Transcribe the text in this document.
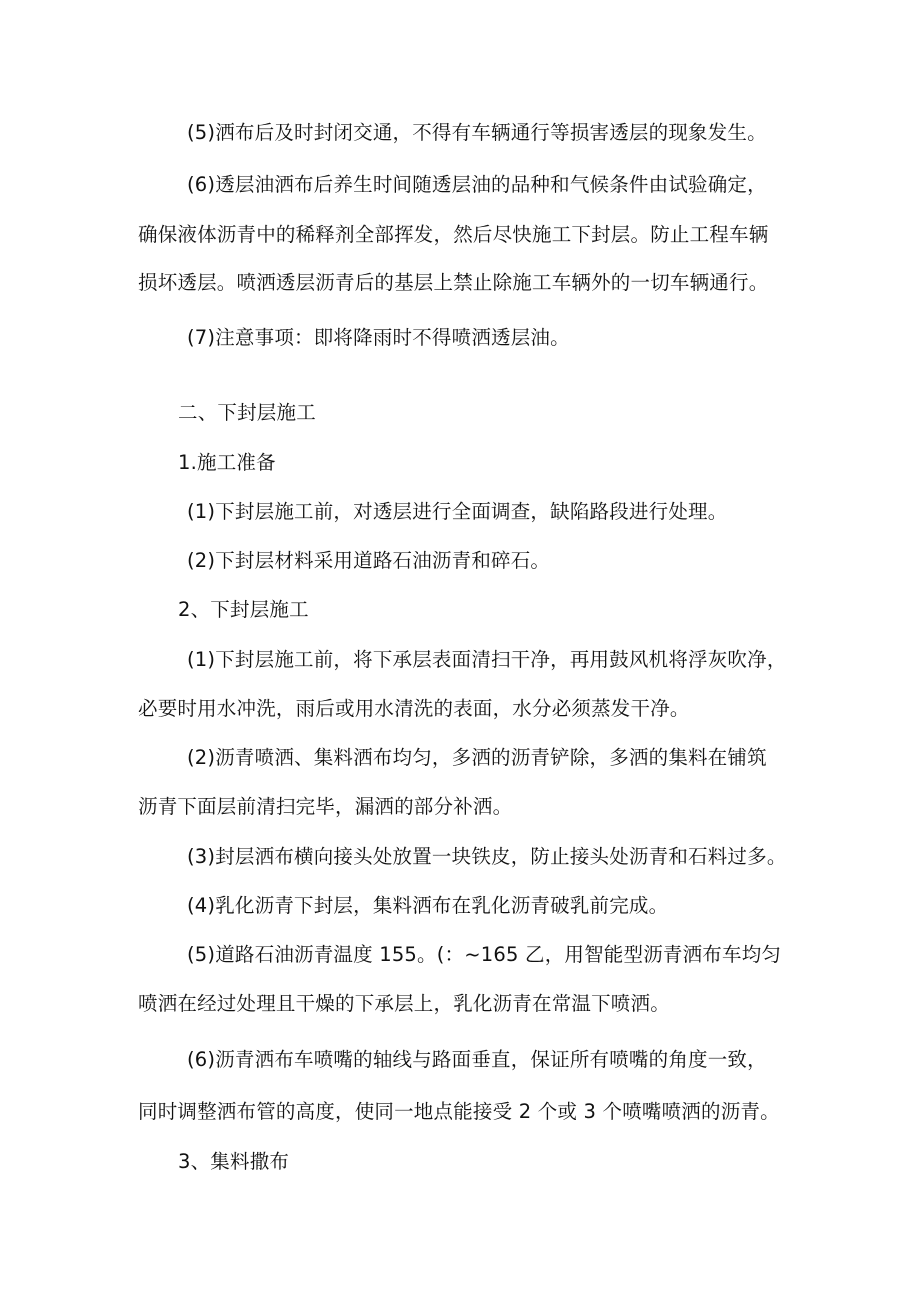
(5)洒布后及时封闭交通，不得有车辆通行等损害透层的现象发生。
(6)透层油洒布后养生时间随透层油的品种和气候条件由试验确定，
确保液体沥青中的稀释剂全部挥发，然后尽快施工下封层。防止工程车辆
损坏透层。喷洒透层沥青后的基层上禁止除施工车辆外的一切车辆通行。
(7)注意事项：即将降雨时不得喷洒透层油。
二、下封层施工
1.施工准备
(1)下封层施工前，对透层进行全面调查，缺陷路段进行处理。
(2)下封层材料采用道路石油沥青和碎石。
2、下封层施工
(1)下封层施工前，将下承层表面清扫干净，再用鼓风机将浮灰吹净，
必要时用水冲洗，雨后或用水清洗的表面，水分必须蒸发干净。
(2)沥青喷洒、集料洒布均匀，多洒的沥青铲除，多洒的集料在铺筑
沥青下面层前清扫完毕，漏洒的部分补洒。
(3)封层洒布横向接头处放置一块铁皮，防止接头处沥青和石料过多。
(4)乳化沥青下封层，集料洒布在乳化沥青破乳前完成。
(5)道路石油沥青温度 155。(：~165 乙，用智能型沥青洒布车均匀
喷洒在经过处理且干燥的下承层上，乳化沥青在常温下喷洒。
(6)沥青洒布车喷嘴的轴线与路面垂直，保证所有喷嘴的角度一致，
同时调整洒布管的高度，使同一地点能接受 2 个或 3 个喷嘴喷洒的沥青。
3、集料撒布
